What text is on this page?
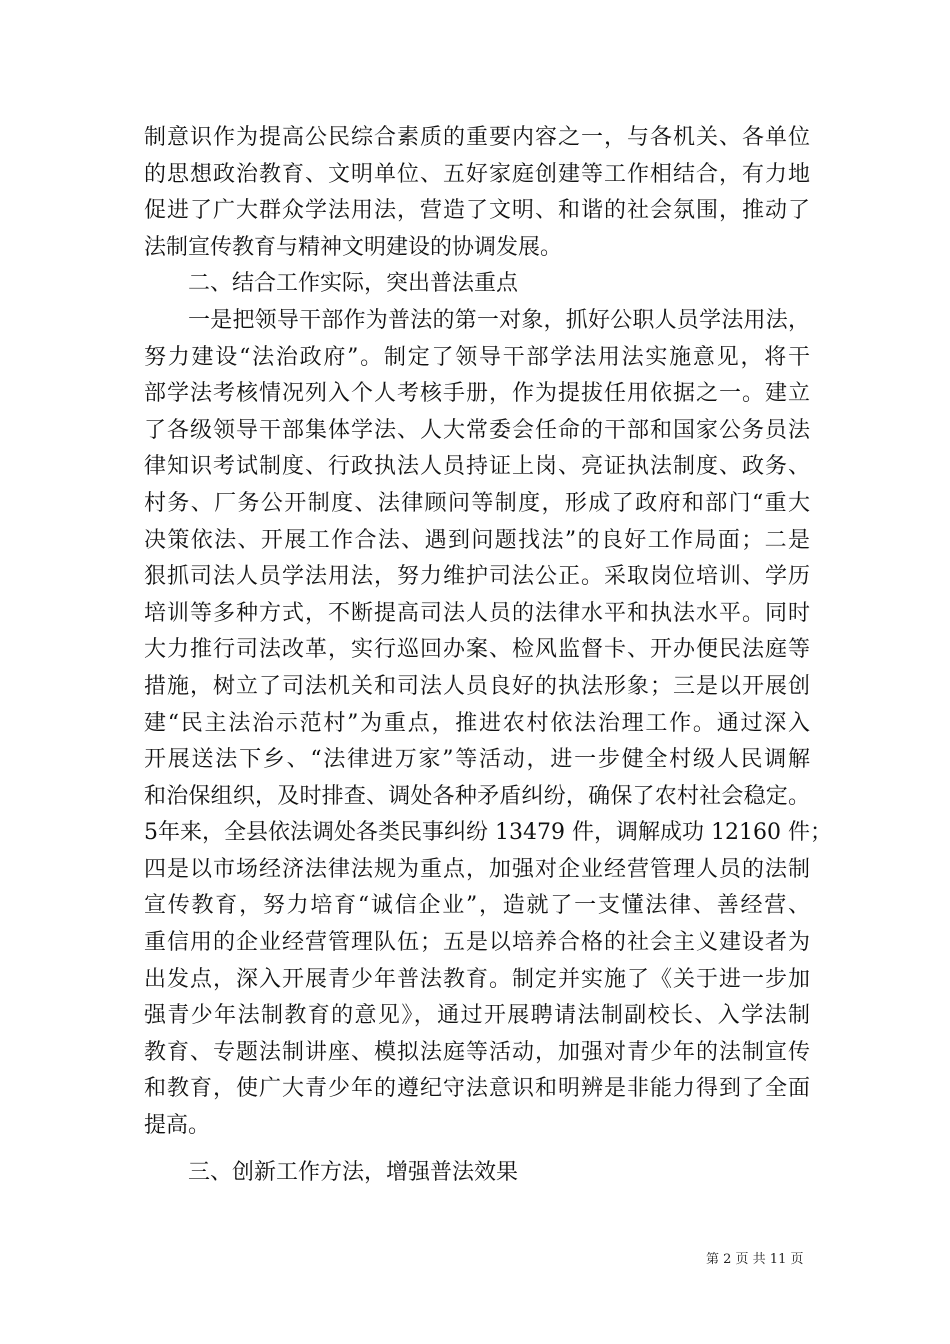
制意识作为提高公民综合素质的重要内容之一，与各机关、各单位
的思想政治教育、文明单位、五好家庭创建等工作相结合，有力地
促进了广大群众学法用法，营造了文明、和谐的社会氛围，推动了
法制宣传教育与精神文明建设的协调发展。
二、结合工作实际，突出普法重点
一是把领导干部作为普法的第一对象，抓好公职人员学法用法，
努力建设“法治政府”。制定了领导干部学法用法实施意见，将干
部学法考核情况列入个人考核手册，作为提拔任用依据之一。建立
了各级领导干部集体学法、人大常委会任命的干部和国家公务员法
律知识考试制度、行政执法人员持证上岗、亮证执法制度、政务、
村务、厂务公开制度、法律顾问等制度，形成了政府和部门“重大
决策依法、开展工作合法、遇到问题找法”的良好工作局面；二是
狠抓司法人员学法用法，努力维护司法公正。采取岗位培训、学历
培训等多种方式，不断提高司法人员的法律水平和执法水平。同时
大力推行司法改革，实行巡回办案、检风监督卡、开办便民法庭等
措施，树立了司法机关和司法人员良好的执法形象；三是以开展创
建“民主法治示范村”为重点，推进农村依法治理工作。通过深入
开展送法下乡、“法律进万家”等活动，进一步健全村级人民调解
和治保组织，及时排查、调处各种矛盾纠纷，确保了农村社会稳定。
5年来，全县依法调处各类民事纠纷 13479 件，调解成功 12160 件；
四是以市场经济法律法规为重点，加强对企业经营管理人员的法制
宣传教育，努力培育“诚信企业”，造就了一支懂法律、善经营、
重信用的企业经营管理队伍；五是以培养合格的社会主义建设者为
出发点，深入开展青少年普法教育。制定并实施了《关于进一步加
强青少年法制教育的意见》，通过开展聘请法制副校长、入学法制
教育、专题法制讲座、模拟法庭等活动，加强对青少年的法制宣传
和教育，使广大青少年的遵纪守法意识和明辨是非能力得到了全面
提高。
三、创新工作方法，增强普法效果
第 2 页 共 11 页
